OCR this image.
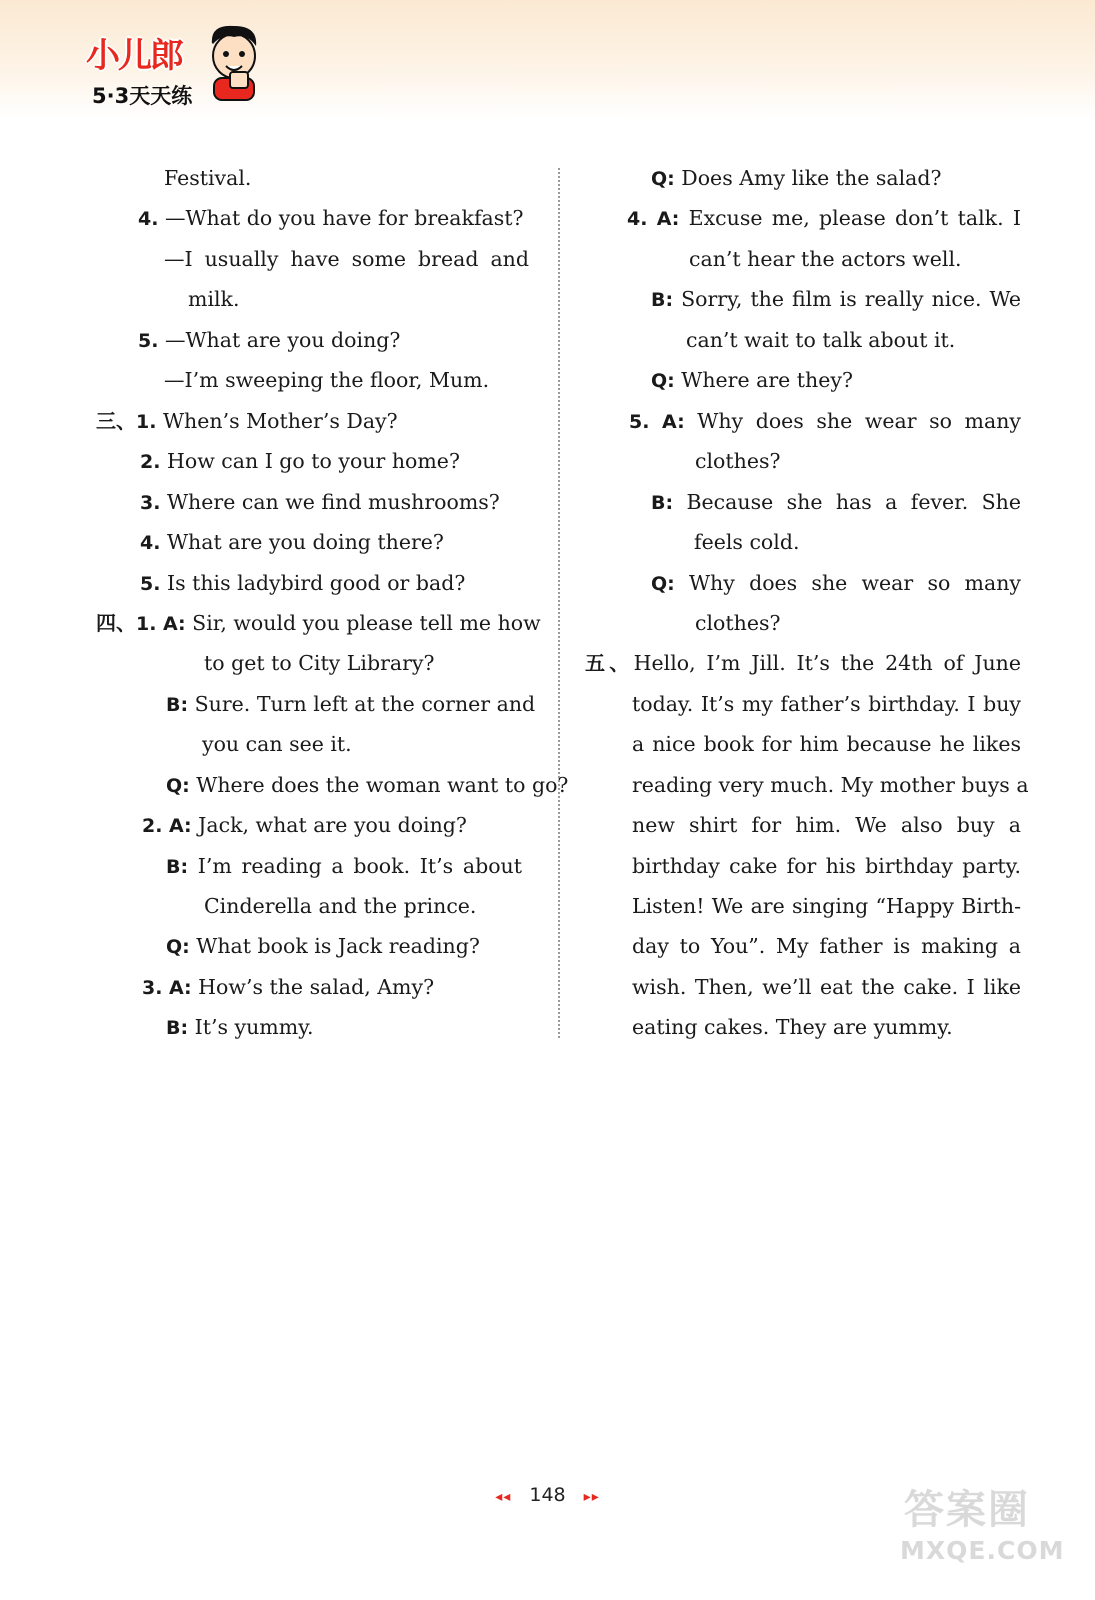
小儿郎
5·3天天练
Festival.
4. —What do you have for breakfast?
—I usually have some bread and
milk.
5. —What are you doing?
—I’m sweeping the floor, Mum.
三、1. When’s Mother’s Day?
2. How can I go to your home?
3. Where can we find mushrooms?
4. What are you doing there?
5. Is this ladybird good or bad?
四、1. A: Sir, would you please tell me how
to get to City Library?
B: Sure. Turn left at the corner and
you can see it.
Q: Where does the woman want to go?
2. A: Jack, what are you doing?
B: I’m reading a book. It’s about
Cinderella and the prince.
Q: What book is Jack reading?
3. A: How’s the salad, Amy?
B: It’s yummy.
Q: Does Amy like the salad?
4. A: Excuse me, please don’t talk. I
can’t hear the actors well.
B: Sorry, the film is really nice. We
can’t wait to talk about it.
Q: Where are they?
5. A: Why does she wear so many
clothes?
B: Because she has a fever. She
feels cold.
Q: Why does she wear so many
clothes?
五、Hello, I’m Jill. It’s the 24th of June
today. It’s my father’s birthday. I buy
a nice book for him because he likes
reading very much. My mother buys a
new shirt for him. We also buy a
birthday cake for his birthday party.
Listen! We are singing “Happy Birth-
day to You”. My father is making a
wish. Then, we’ll eat the cake. I like
eating cakes. They are yummy.
◂◂ 148 ▸▸	答案圈
MXQE.COM
